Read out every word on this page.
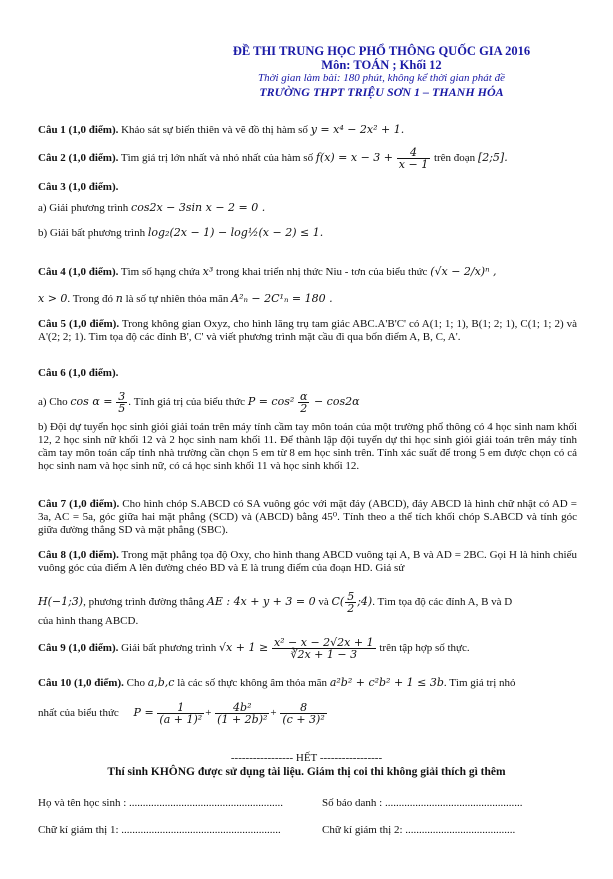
ĐỀ THI TRUNG HỌC PHỔ THÔNG QUỐC GIA 2016
Môn: TOÁN ; Khối 12
Thời gian làm bài: 180 phút, không kể thời gian phát đề
TRƯỜNG THPT TRIỆU SƠN 1 – THANH HÓA
Câu 1 (1,0 điểm). Khảo sát sự biến thiên và vẽ đồ thị hàm số y = x⁴ − 2x² + 1.
Câu 2 (1,0 điểm). Tìm giá trị lớn nhất và nhỏ nhất của hàm số $f(x) = x - 3 + \frac{4}{x - 1}$ trên đoạn [2;5].
Câu 3 (1,0 điểm).
a) Giải phương trình cos2x − 3sin x − 2 = 0 .
b) Giải bất phương trình log₂(2x − 1) − log½(x − 2) ≤ 1.
Câu 4 (1,0 điểm). Tìm số hạng chứa x³ trong khai triển nhị thức Niu - tơn của biểu thức (√x − 2/x)ⁿ ,
x > 0. Trong đó n là số tự nhiên thỏa mãn A²ₙ − 2C¹ₙ = 180 .
Câu 5 (1,0 điểm). Trong không gian Oxyz, cho hình lăng trụ tam giác ABC.A'B'C' có A(1; 1; 1), B(1; 2; 1), C(1; 1; 2) và A'(2; 2; 1). Tìm tọa độ các đỉnh B', C' và viết phương trình mặt cầu đi qua bốn điểm A, B, C, A'.
Câu 6 (1,0 điểm).
a) Cho $\cos \alpha = \frac{3}{5}$ . Tính giá trị của biểu thức $P = \cos^2 \frac{\alpha}{2} - \cos 2\alpha$
b) Đội dự tuyển học sinh giỏi giải toán trên máy tính cầm tay môn toán của một trường phổ thông có 4 học sinh nam khối 12, 2 học sinh nữ khối 12 và 2 học sinh nam khối 11. Để thành lập đội tuyển dự thi học sinh giỏi giải toán trên máy tính cầm tay môn toán cấp tỉnh nhà trường cần chọn 5 em từ 8 em học sinh trên. Tính xác suất để trong 5 em được chọn có cả học sinh nam và học sinh nữ, có cả học sinh khối 11 và học sinh khối 12.
Câu 7 (1,0 điểm). Cho hình chóp S.ABCD có SA vuông góc với mặt đáy (ABCD), đáy ABCD là hình chữ nhật có AD = 3a, AC = 5a, góc giữa hai mặt phẳng (SCD) và (ABCD) bằng 45⁰. Tính theo a thể tích khối chóp S.ABCD và tính góc giữa đường thẳng SD và mặt phẳng (SBC).
Câu 8 (1,0 điểm). Trong mặt phẳng tọa độ Oxy, cho hình thang ABCD vuông tại A, B và AD = 2BC. Gọi H là hình chiếu vuông góc của điểm A lên đường chéo BD và E là trung điểm của đoạn HD. Giả sử
H(−1;3), phương trình đường thẳng AE : 4x + y + 3 = 0 và $C( \frac{5}{2}$ ;4). Tìm tọa độ các đỉnh A, B và D
của hình thang ABCD.
Câu 9 (1,0 điểm). Giải bất phương trình $√x + 1 \ge \frac{\text{x² − x − 2√2x + 1}}{∛2x + 1 - 3}$ trên tập hợp số thực.
Câu 10 (1,0 điểm). Cho a,b,c là các số thực không âm thỏa mãn a²b² + c²b² + 1 ≤ 3b. Tìm giá trị nhỏ
nhất của biểu thức $P = \frac{1}{\text{(a + 1)²}} + \frac{\text{4b²}}{\text{(1 + 2b)²}} + \frac{8}{\text{(c + 3)²}}$
----------------- HẾT -----------------
Thí sinh KHÔNG được sử dụng tài liệu. Giám thị coi thi không giải thích gì thêm
Họ và tên học sinh : ........................................................	Số báo danh : ..................................................
Chữ kí giám thị 1: ..........................................................	Chữ kí giám thị 2: ........................................
